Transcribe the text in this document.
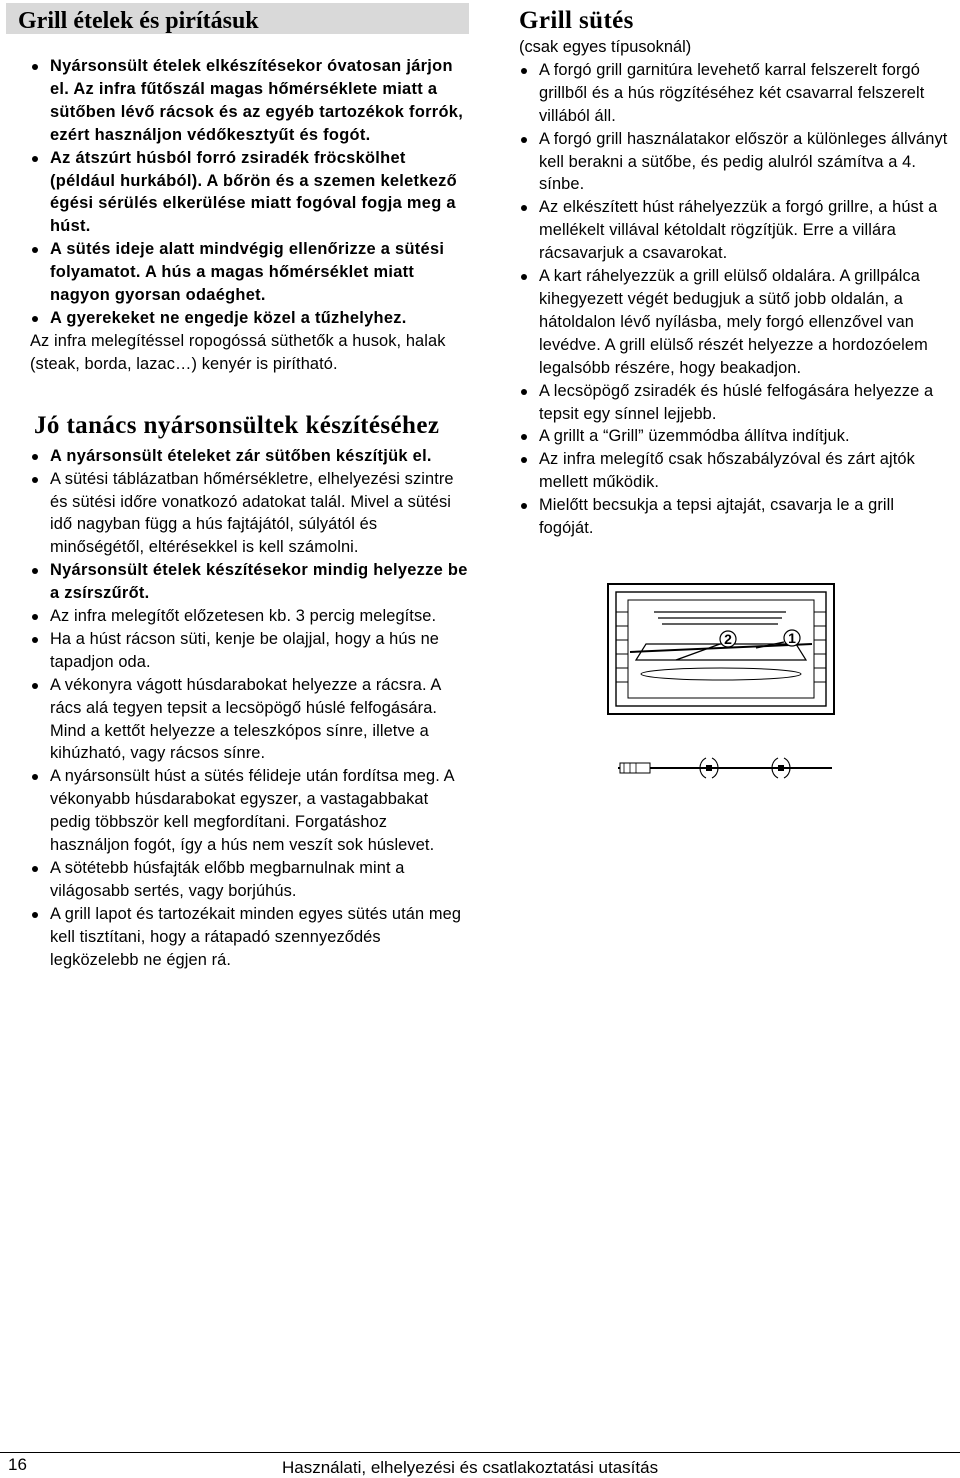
Grill ételek és pirításuk
Nyársonsült ételek elkészítésekor óvatosan járjon el. Az infra fűtőszál magas hőmérséklete miatt a sütőben lévő rácsok és az egyéb tartozékok forrók, ezért használjon védőkesztyűt és fogót.
Az átszúrt húsból forró zsiradék fröcskölhet (például hurkából). A bőrön és a szemen keletkező égési sérülés elkerülése miatt fogóval fogja meg a húst.
A sütés ideje alatt mindvégig ellenőrizze a sütési folyamatot. A hús a magas hőmérséklet miatt nagyon gyorsan odaéghet.
A gyerekeket ne engedje közel a tűzhelyhez.
Az infra melegítéssel ropogóssá süthetők a husok, halak (steak, borda, lazac…) kenyér is pirítható.
Jó tanács nyársonsültek készítéséhez
A nyársonsült ételeket zár sütőben készítjük el.
A sütési táblázatban hőmérsékletre, elhelyezési szintre és sütési időre vonatkozó adatokat talál. Mivel a sütési idő nagyban függ a hús fajtájától, súlyától és minőségétől, eltérésekkel is kell számolni.
Nyársonsült ételek készítésekor mindig helyezze be a zsírszűrőt.
Az infra melegítőt előzetesen kb. 3 percig melegítse.
Ha a húst rácson süti, kenje be olajjal, hogy a hús ne tapadjon oda.
A vékonyra vágott húsdarabokat helyezze a rácsra. A rács alá tegyen tepsit a lecsöpögő húslé felfogására. Mind a kettőt helyezze a teleszkópos sínre, illetve a kihúzható, vagy rácsos sínre.
A nyársonsült húst a sütés félideje után fordítsa meg. A vékonyabb húsdarabokat egyszer, a vastagabbakat pedig többször kell megfordítani. Forgatáshoz használjon fogót, így a hús nem veszít sok húslevet.
A sötétebb húsfajták előbb megbarnulnak mint a világosabb sertés, vagy borjúhús.
A grill lapot és tartozékait minden egyes sütés után meg kell tisztítani, hogy a rátapadó szennyeződés legközelebb ne égjen rá.
Grill sütés
(csak egyes típusoknál)
A forgó grill garnitúra levehető karral felszerelt forgó grillből és a hús rögzítéséhez két csavarral felszerelt villából áll.
A forgó grill használatakor először a különleges állványt kell berakni a sütőbe, és pedig alulról számítva a 4. sínbe.
Az elkészített húst ráhelyezzük a forgó grillre, a húst a mellékelt villával kétoldalt rögzítjük. Erre a villára rácsavarjuk a csavarokat.
A kart ráhelyezzük a grill elülső oldalára. A grillpálca kihegyezett végét bedugjuk a sütő jobb oldalán, a hátoldalon lévő nyílásba, mely forgó ellenzővel van levédve. A grill elülső részét helyezze a hordozóelem legalsóbb részére, hogy beakadjon.
A lecsöpögő zsiradék és húslé felfogására helyezze a tepsit egy sínnel lejjebb.
A grillt a “Grill” üzemmódba állítva indítjuk.
Az infra melegítő csak hőszabályzóval és zárt ajtók mellett működik.
Mielőtt becsukja a tepsi ajtaját, csavarja le a grill fogóját.
2	1
16	Használati, elhelyezési és csatlakoztatási utasítás
